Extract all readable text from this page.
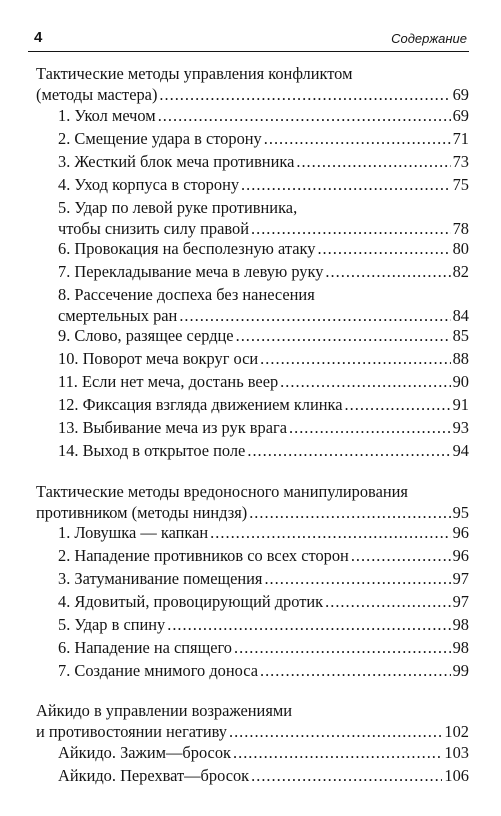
4	Содержание
Тактические методы управления конфликтом
(методы мастера) .....	69
1. Укол мечом .....	69
2. Смещение удара в сторону .....	71
3. Жесткий блок меча противника .....	73
4. Уход корпуса в сторону .....	75
5. Удар по левой руке противника,
чтобы снизить силу правой .....	78
6. Провокация на бесполезную атаку .....	80
7. Перекладывание меча в левую руку .....	82
8. Рассечение доспеха без нанесения
смертельных ран .....	84
9. Слово, разящее сердце .....	85
10. Поворот меча вокруг оси .....	88
11. Если нет меча, достань веер .....	90
12. Фиксация взгляда движением клинка .....	91
13. Выбивание меча из рук врага .....	93
14. Выход в открытое поле .....	94
Тактические методы вредоносного манипулирования
противником (методы ниндзя) .....	95
1. Ловушка — капкан .....	96
2. Нападение противников со всех сторон .....	96
3. Затуманивание помещения .....	97
4. Ядовитый, провоцирующий дротик .....	97
5. Удар в спину .....	98
6. Нападение на спящего .....	98
7. Создание мнимого доноса .....	99
Айкидо в управлении возражениями
и противостоянии негативу .....	102
Айкидо. Зажим—бросок .....	103
Айкидо. Перехват—бросок .....	106
